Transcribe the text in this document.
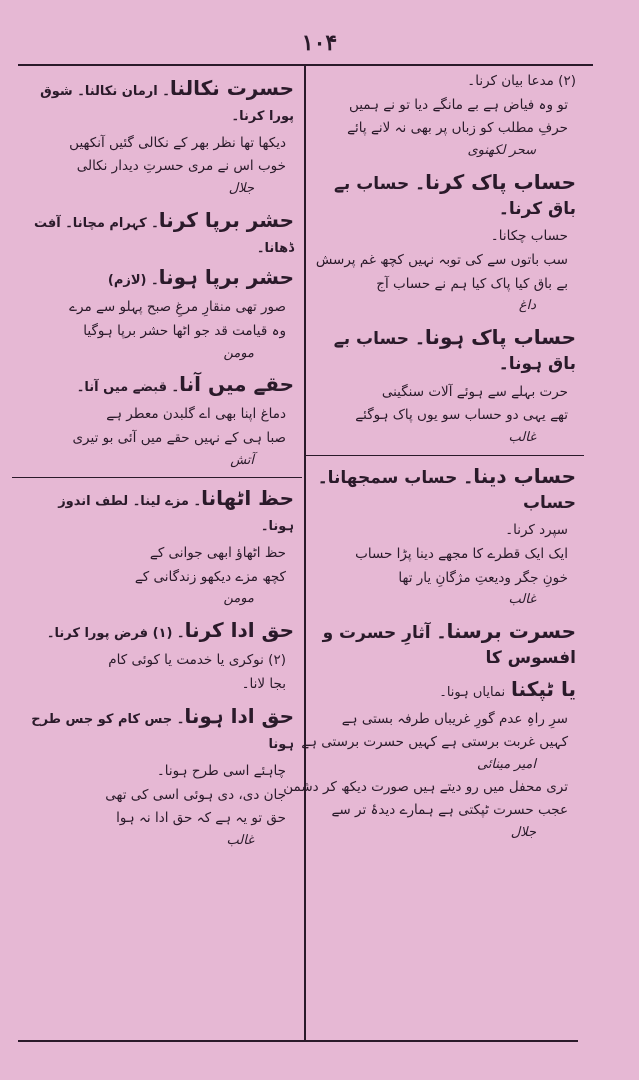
۱۰۴
(۲) مدعا بیان کرنا۔
تو وہ فیاض ہے بے مانگے دیا تو نے ہمیں
حرفِ مطلب کو زباں پر بھی نہ لانے پائے
سحر لکھنوی
حساب پاک کرنا۔ حساب بے باق کرنا۔
حساب چکانا۔
سب باتوں سے کی توبہ نہیں کچھ غم پرسش
بے باق کیا پاک کیا ہم نے حساب آج
داغ
حساب پاک ہونا۔ حساب بے باق ہونا۔
حرت بہلے سے ہوئے آلات سنگینی
تھے یہی دو حساب سو یوں پاک ہوگئے
غالب
حساب دینا۔ حساب سمجھانا۔ حساب
سپرد کرنا۔
ایک ایک قطرے کا مجھے دینا پڑا حساب
خونِ جگر ودیعتِ مژگانِ یار تھا
غالب
حسرت برسنا۔ آثارِ حسرت و افسوس کا
یا ٹپکنا نمایاں ہونا۔
سرِ راہِ عدم گورِ غریباں طرفہ بستی ہے
کہیں غربت برستی ہے کہیں حسرت برستی ہے
امیر مینائی
تری محفل میں رو دیتے ہیں صورت دیکھ کر دشمن
عجب حسرت ٹپکتی ہے ہمارے دیدۂ تر سے
جلال
حسرت نکالنا۔ ارمان نکالنا۔ شوق پورا کرنا۔
دیکھا تھا نظر بھر کے نکالی گئیں آنکھیں
خوب اس نے مری حسرتِ دیدار نکالی
جلال
حشر برپا کرنا۔ کہرام مچانا۔ آفت ڈھانا۔
حشر برپا ہونا۔ (لازم)
صور تھی منقارِ مرغِ صبح پہلو سے مرے
وہ قیامت قد جو اٹھا حشر برپا ہوگیا
مومن
حقے میں آنا۔ قبضے میں آنا۔
دماغ اپنا بھی اے گلبدن معطر ہے
صبا ہی کے نہیں حقے میں آئی بو تیری
آتش
حظ اٹھانا۔ مزے لینا۔ لطف اندوز ہونا۔
حظ اٹھاؤ ابھی جوانی کے
کچھ مزے دیکھو زندگانی کے
مومن
حق ادا کرنا۔ (۱) فرض پورا کرنا۔
(۲) نوکری یا خدمت یا کوئی کام
بجا لانا۔
حق ادا ہونا۔ جس کام کو جس طرح ہونا
چاہئے اسی طرح ہونا۔
جان دی، دی ہوئی اسی کی تھی
حق تو یہ ہے کہ حق ادا نہ ہوا
غالب
